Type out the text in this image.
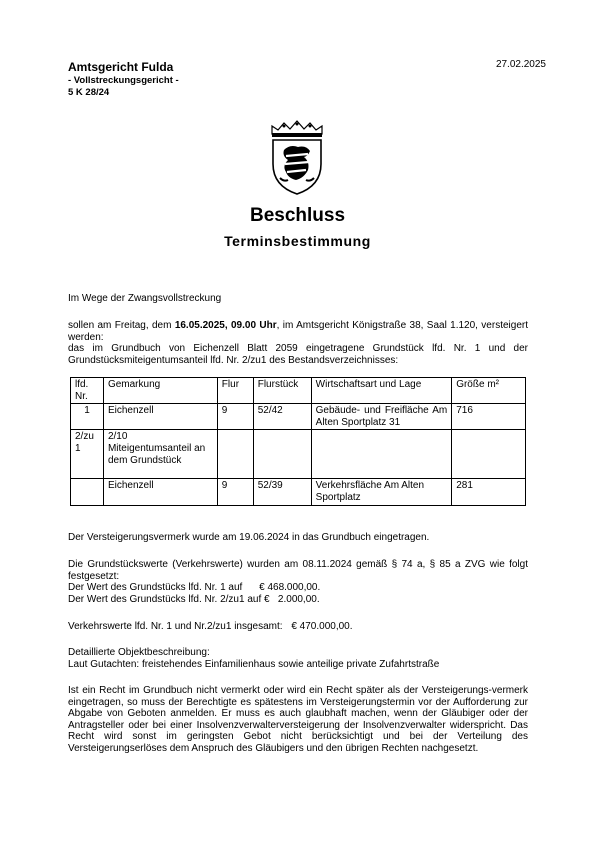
Amtsgericht Fulda
- Vollstreckungsgericht -
5 K 28/24
27.02.2025
Beschluss
Terminsbestimmung
Im Wege der Zwangsvollstreckung
sollen am Freitag, dem 16.05.2025, 09.00 Uhr, im Amtsgericht Königstraße 38, Saal 1.120, versteigert werden:
das im Grundbuch von Eichenzell Blatt 2059 eingetragene Grundstück lfd. Nr. 1 und der Grundstücksmiteigentumsanteil lfd. Nr. 2/zu1 des Bestandsverzeichnisses:
lfd. Nr.	Gemarkung	Flur	Flurstück	Wirtschaftsart und Lage	Größe m²
1	Eichenzell	9	52/42	Gebäude- und Freifläche Am Alten Sportplatz 31	716
2/zu 1	2/10 Miteigentumsanteil an dem Grundstück				
	Eichenzell	9	52/39	Verkehrsfläche Am Alten Sportplatz	281
Der Versteigerungsvermerk wurde am 19.06.2024 in das Grundbuch eingetragen.
Die Grundstückswerte (Verkehrswerte) wurden am 08.11.2024 gemäß § 74 a, § 85 a ZVG wie folgt festgesetzt:
Der Wert des Grundstücks lfd. Nr. 1 auf € 468.000,00.
Der Wert des Grundstücks lfd. Nr. 2/zu1 auf €   2.000,00.
Verkehrswerte lfd. Nr. 1 und Nr.2/zu1 insgesamt: € 470.000,00.
Detaillierte Objektbeschreibung:
Laut Gutachten: freistehendes Einfamilienhaus sowie anteilige private Zufahrtstraße
Ist ein Recht im Grundbuch nicht vermerkt oder wird ein Recht später als der Versteigerungs-vermerk eingetragen, so muss der Berechtigte es spätestens im Versteigerungstermin vor der Aufforderung zur Abgabe von Geboten anmelden. Er muss es auch glaubhaft machen, wenn der Gläubiger oder der Antragsteller oder bei einer Insolvenzverwalterversteigerung der Insolvenzverwalter widerspricht. Das Recht wird sonst im geringsten Gebot nicht berücksichtigt und bei der Verteilung des Versteigerungserlöses dem Anspruch des Gläubigers und den übrigen Rechten nachgesetzt.
